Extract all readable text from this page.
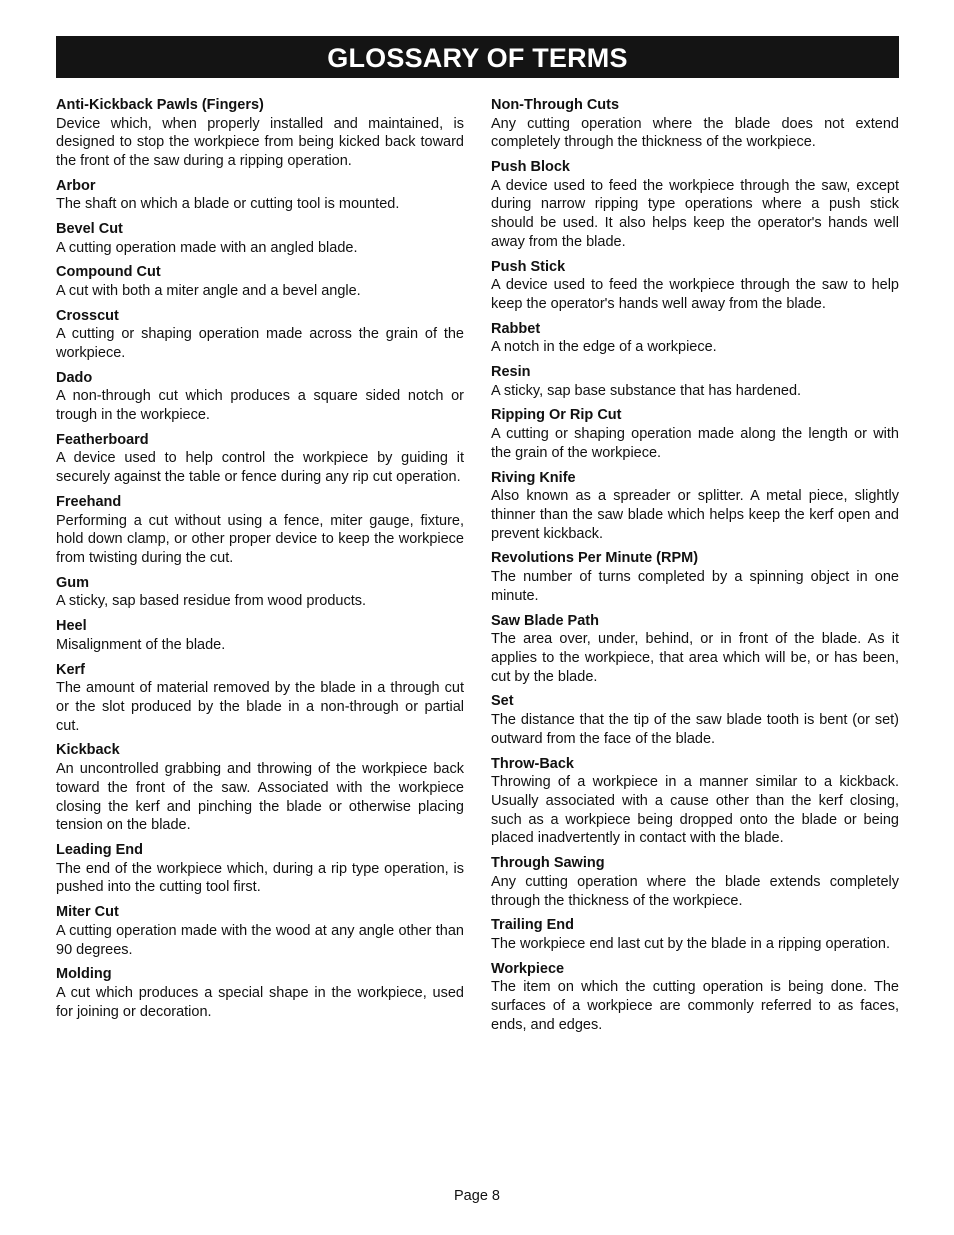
GLOSSARY OF TERMS
Anti-Kickback Pawls (Fingers)
Device which, when properly installed and maintained, is designed to stop the workpiece from being kicked back toward the front of the saw during a ripping operation.
Arbor
The shaft on which a blade or cutting tool is mounted.
Bevel Cut
A cutting operation made with an angled blade.
Compound Cut
A cut with both a miter angle and a bevel angle.
Crosscut
A cutting or shaping operation made across the grain of the workpiece.
Dado
A non-through cut which produces a square sided notch or trough in the workpiece.
Featherboard
A device used to help control the workpiece by guiding it securely against the table or fence during any rip cut operation.
Freehand
Performing a cut without using a fence, miter gauge, fixture, hold down clamp, or other proper device to keep the workpiece from twisting during the cut.
Gum
A sticky, sap based residue from wood products.
Heel
Misalignment of the blade.
Kerf
The amount of material removed by the blade in a through cut or the slot produced by the blade in a non-through or partial cut.
Kickback
An uncontrolled grabbing and throwing of the workpiece back toward the front of the saw. Associated with the workpiece closing the kerf and pinching the blade or otherwise placing tension on the blade.
Leading End
The end of the workpiece which, during a rip type operation, is pushed into the cutting tool first.
Miter Cut
A cutting operation made with the wood at any angle other than 90 degrees.
Molding
A cut which produces a special shape in the workpiece, used for joining or decoration.
Non-Through Cuts
Any cutting operation where the blade does not extend completely through the thickness of the workpiece.
Push Block
A device used to feed the workpiece through the saw, except during narrow ripping type operations where a push stick should be used. It also helps keep the operator's hands well away from the blade.
Push Stick
A device used to feed the workpiece through the saw to help keep the operator's hands well away from the blade.
Rabbet
A notch in the edge of a workpiece.
Resin
A sticky, sap base substance that has hardened.
Ripping Or Rip Cut
A cutting or shaping operation made along the length or with the grain of the workpiece.
Riving Knife
Also known as a spreader or splitter. A metal piece, slightly thinner than the saw blade which helps keep the kerf open and prevent kickback.
Revolutions Per Minute (RPM)
The number of turns completed by a spinning object in one minute.
Saw Blade Path
The area over, under, behind, or in front of the blade. As it applies to the workpiece, that area which will be, or has been, cut by the blade.
Set
The distance that the tip of the saw blade tooth is bent (or set) outward from the face of the blade.
Throw-Back
Throwing of a workpiece in a manner similar to a kickback. Usually associated with a cause other than the kerf closing, such as a workpiece being dropped onto the blade or being placed inadvertently in contact with the blade.
Through Sawing
Any cutting operation where the blade extends completely through the thickness of the workpiece.
Trailing End
The workpiece end last cut by the blade in a ripping operation.
Workpiece
The item on which the cutting operation is being done. The surfaces of a workpiece are commonly referred to as faces, ends, and edges.
Page 8
